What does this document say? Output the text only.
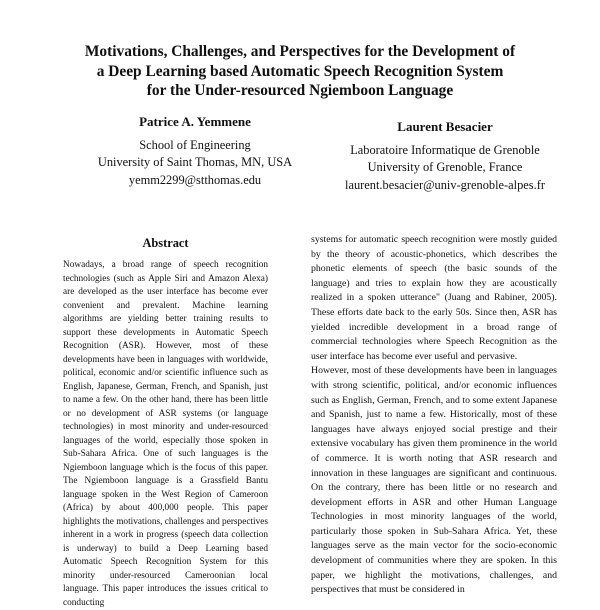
Motivations, Challenges, and Perspectives for the Development of
a Deep Learning based Automatic Speech Recognition System
for the Under-resourced Ngiemboon Language
Patrice A. Yemmene
School of Engineering
University of Saint Thomas, MN, USA
yemm2299@stthomas.edu
Laurent Besacier
Laboratoire Informatique de Grenoble
University of Grenoble, France
laurent.besacier@univ-grenoble-alpes.fr
Abstract

Nowadays, a broad range of speech recognition technologies (such as Apple Siri and Amazon Alexa) are developed as the user interface has become ever convenient and prevalent. Machine learning algorithms are yielding better training results to support these developments in Automatic Speech Recognition (ASR). However, most of these developments have been in languages with worldwide, political, economic and/or scientific influence such as English, Japanese, German, French, and Spanish, just to name a few. On the other hand, there has been little or no development of ASR systems (or language technologies) in most minority and under-resourced languages of the world, especially those spoken in Sub-Sahara Africa. One of such languages is the Ngiemboon language which is the focus of this paper. The Ngiemboon language is a Grassfield Bantu language spoken in the West Region of Cameroon (Africa) by about 400,000 people. This paper highlights the motivations, challenges and perspectives inherent in a work in progress (speech data collection is underway) to build a Deep Learning based Automatic Speech Recognition System for this minority under-resourced Cameroonian local language. This paper introduces the issues critical to conducting

systems for automatic speech recognition were mostly guided by the theory of acoustic-phonetics, which describes the phonetic elements of speech (the basic sounds of the language) and tries to explain how they are acoustically realized in a spoken utterance" (Juang and Rabiner, 2005). These efforts date back to the early 50s. Since then, ASR has yielded incredible development in a broad range of commercial technologies where Speech Recognition as the user interface has become ever useful and pervasive.

However, most of these developments have been in languages with strong scientific, political, and/or economic influences such as English, German, French, and to some extent Japanese and Spanish, just to name a few. Historically, most of these languages have always enjoyed social prestige and their extensive vocabulary has given them prominence in the world of commerce. It is worth noting that ASR research and innovation in these languages are significant and continuous. On the contrary, there has been little or no research and development efforts in ASR and other Human Language Technologies in most minority languages of the world, particularly those spoken in Sub-Sahara Africa. Yet, these languages serve as the main vector for the socio-economic development of communities where they are spoken. In this paper, we highlight the motivations, challenges, and perspectives that must be considered in
